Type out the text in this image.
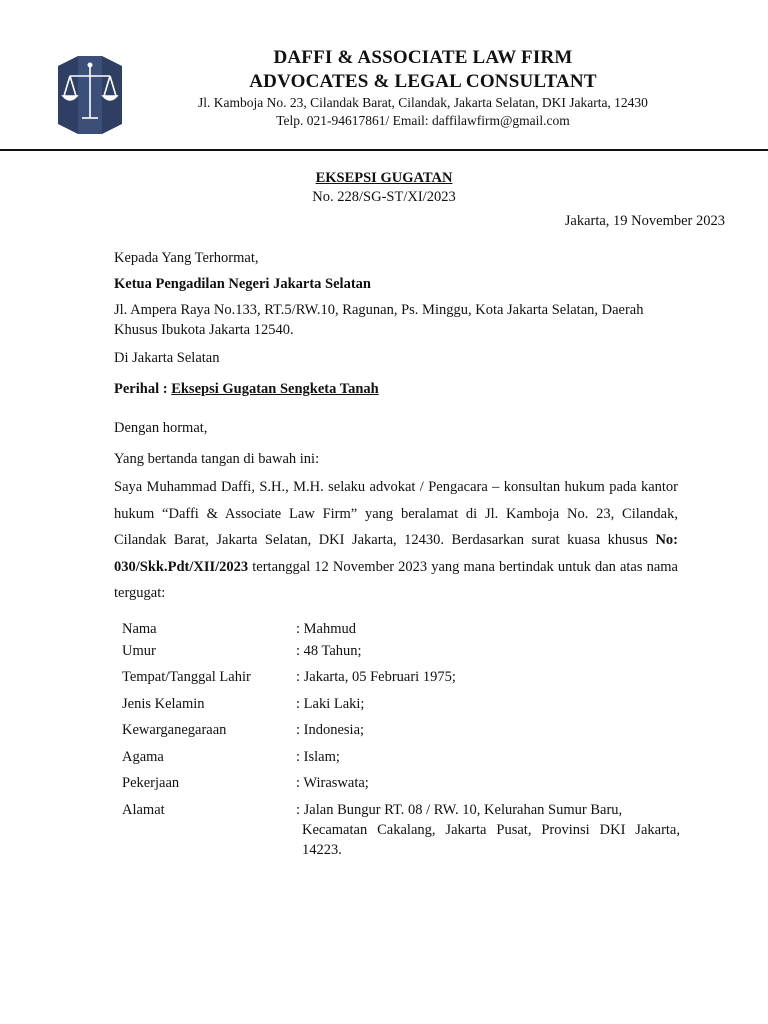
DAFFI & ASSOCIATE LAW FIRM
ADVOCATES & LEGAL CONSULTANT
Jl. Kamboja No. 23, Cilandak Barat, Cilandak, Jakarta Selatan, DKI Jakarta, 12430
Telp. 021-94617861/ Email: daffilawfirm@gmail.com
EKSEPSI GUGATAN
No. 228/SG-ST/XI/2023
Jakarta, 19 November 2023
Kepada Yang Terhormat,
Ketua Pengadilan Negeri Jakarta Selatan
Jl. Ampera Raya No.133, RT.5/RW.10, Ragunan, Ps. Minggu, Kota Jakarta Selatan, Daerah
Khusus Ibukota Jakarta 12540.
Di Jakarta Selatan
Perihal : Eksepsi Gugatan Sengketa Tanah
Dengan hormat,
Yang bertanda tangan di bawah ini:
Saya Muhammad Daffi, S.H., M.H. selaku advokat / Pengacara – konsultan hukum pada kantor hukum “Daffi & Associate Law Firm” yang beralamat di Jl. Kamboja No. 23, Cilandak, Cilandak Barat, Jakarta Selatan, DKI Jakarta, 12430. Berdasarkan surat kuasa khusus No: 030/Skk.Pdt/XII/2023 tertanggal 12 November 2023 yang mana bertindak untuk dan atas nama tergugat:
Nama	: Mahmud
Umur	: 48 Tahun;
Tempat/Tanggal Lahir	: Jakarta, 05 Februari 1975;
Jenis Kelamin	: Laki Laki;
Kewarganegaraan	: Indonesia;
Agama	: Islam;
Pekerjaan	: Wiraswata;
Alamat	: Jalan Bungur RT. 08 / RW. 10, Kelurahan Sumur Baru,
Kecamatan Cakalang, Jakarta Pusat, Provinsi DKI Jakarta, 14223.
